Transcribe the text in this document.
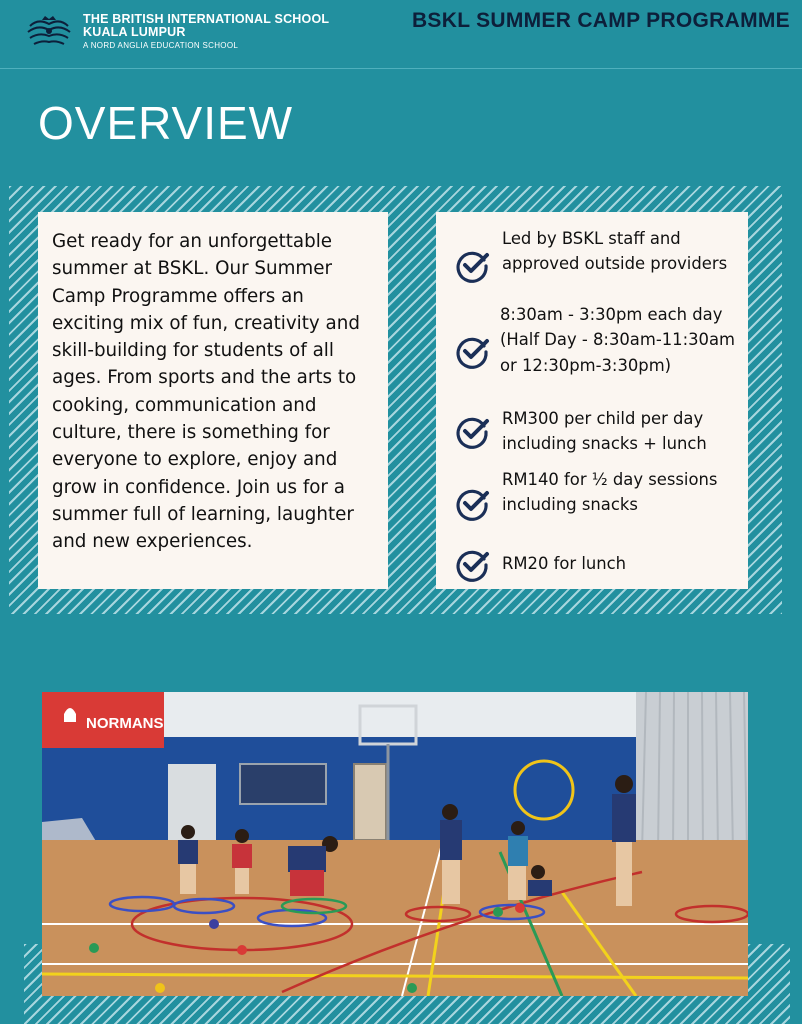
THE BRITISH INTERNATIONAL SCHOOL
KUALA LUMPUR
A NORD ANGLIA EDUCATION SCHOOL
BSKL SUMMER CAMP PROGRAMME
OVERVIEW
Get ready for an unforgettable summer at BSKL. Our Summer Camp Programme offers an exciting mix of fun, creativity and skill-building for students of all ages. From sports and the arts to cooking, communication and culture, there is something for everyone to explore, enjoy and grow in confidence. Join us for a summer full of learning, laughter and new experiences.
Led by BSKL staff and approved outside providers
8:30am - 3:30pm each day (Half Day - 8:30am-11:30am or 12:30pm-3:30pm)
RM300 per child per day including snacks + lunch
RM140 for ½ day sessions including snacks
RM20 for lunch
NORMANS
